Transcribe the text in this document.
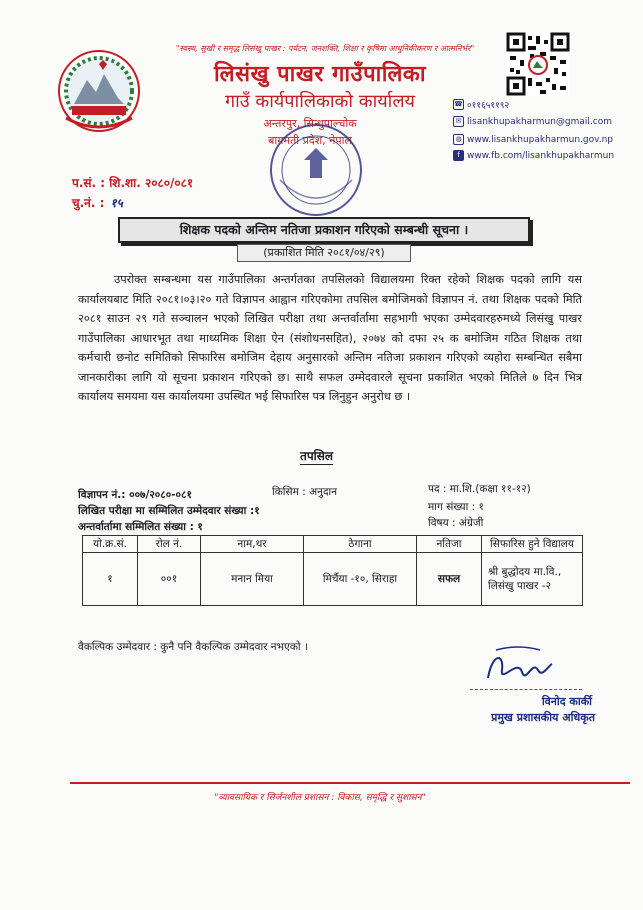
"स्वस्थ, सुखी र समृद्ध लिसंखु पाखर : पर्यटन, जनशक्ति, शिक्षा र कृषिमा आधुनिकीकरण र आत्मनिर्भर"
लिसंखु पाखर गाउँपालिका
गाउँ कार्यपालिकाको कार्यालय
अन्तरपुर, सिन्धुपाल्चोक
बागमती प्रदेश, नेपाल
☎ ०११६५११९२
✉ lisankhupakharmun@gmail.com
◍ www.lisankhupakharmun.gov.np
f www.fb.com/lisankhupakharmun
प.सं. : शि.शा. २०८०/०८१
चु.नं. : १५
शिक्षक पदको अन्तिम नतिजा प्रकाशन गरिएको सम्बन्धी सूचना ।
(प्रकाशित मिति २०८१/०४/२९)
उपरोक्त सम्बन्धमा यस गाउँपालिका अन्तर्गतका तपसिलको विद्यालयमा रिक्त रहेको शिक्षक पदको लागि यस कार्यालयबाट मिति २०८१।०३।२० गते विज्ञापन आह्वान गरिएकोमा तपसिल बमोजिमको विज्ञापन नं. तथा शिक्षक पदको मिति २०८१ साउन २९ गते सञ्चालन भएको लिखित परीक्षा तथा अन्तर्वार्तामा सहभागी भएका उम्मेदवारहरुमध्ये लिसंखु पाखर गाउँपालिका आधारभूत तथा माध्यमिक शिक्षा ऐन (संशोधनसहित), २०७४ को दफा २५ क बमोजिम गठित शिक्षक तथा कर्मचारी छनोट समितिको सिफारिस बमोजिम देहाय अनुसारको अन्तिम नतिजा प्रकाशन गरिएको व्यहोरा सम्बन्धित सबैमा जानकारीका लागि यो सूचना प्रकाशन गरिएको छ। साथै सफल उम्मेदवारले सूचना प्रकाशित भएको मितिले ७ दिन भित्र कार्यालय समयमा यस कार्यालयमा उपस्थित भई सिफारिस पत्र लिनुहुन अनुरोध छ ।
तपसिल
विज्ञापन नं.: ००७/२०८०-०८१	किसिम : अनुदान	पद : मा.शि.(कक्षा ११-१२)
लिखित परीक्षा मा सम्मिलित उम्मेदवार संख्या :१	माग संख्या : १
अन्तर्वार्तामा सम्मिलित संख्या : १	विषय : अंग्रेजी
यो.क्र.सं.	रोल नं.	नाम,थर	ठेगाना	नतिजा	सिफारिस हुने विद्यालय
१	००१	मनान मिया	मिर्चैया -१०, सिराहा	सफल	श्री बुद्धोदय मा.वि., लिसंखु पाखर -२
वैकल्पिक उम्मेदवार : कुनै पनि वैकल्पिक उम्मेदवार नभएको ।
विनोद कार्की
प्रमुख प्रशासकीय अधिकृत
"व्यावसायिक र सिर्जनशील प्रशासन : विकास, समृद्धि र सुशासन"
